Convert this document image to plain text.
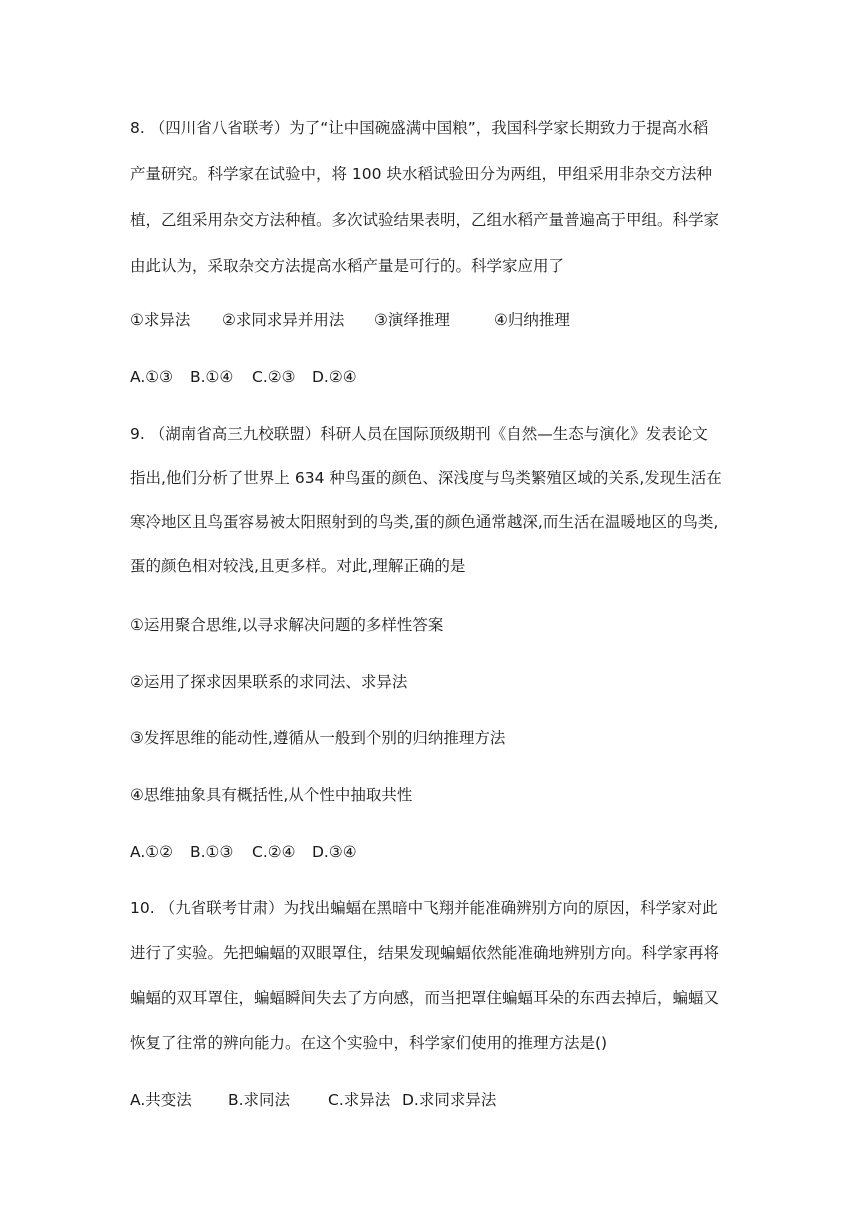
8. （四川省八省联考）为了“让中国碗盛满中国粮”，我国科学家长期致力于提高水稻
产量研究。科学家在试验中，将 100 块水稻试验田分为两组，甲组采用非杂交方法种
植，乙组采用杂交方法种植。多次试验结果表明，乙组水稻产量普遍高于甲组。科学家
由此认为，采取杂交方法提高水稻产量是可行的。科学家应用了
①求异法 ②求同求异并用法 ③演绎推理	④归纳推理
A.①③ B.①④ C.②③ D.②④
9. （湖南省高三九校联盟）科研人员在国际顶级期刊《自然—生态与演化》发表论文
指出,他们分析了世界上 634 种鸟蛋的颜色、深浅度与鸟类繁殖区域的关系,发现生活在
寒冷地区且鸟蛋容易被太阳照射到的鸟类,蛋的颜色通常越深,而生活在温暖地区的鸟类,
蛋的颜色相对较浅,且更多样。对此,理解正确的是
①运用聚合思维,以寻求解决问题的多样性答案
②运用了探求因果联系的求同法、求异法
③发挥思维的能动性,遵循从一般到个别的归纳推理方法
④思维抽象具有概括性,从个性中抽取共性
A.①② B.①③ C.②④ D.③④
10. （九省联考甘肃）为找出蝙蝠在黑暗中飞翔并能准确辨别方向的原因，科学家对此
进行了实验。先把蝙蝠的双眼罩住，结果发现蝙蝠依然能准确地辨别方向。科学家再将
蝙蝠的双耳罩住，蝙蝠瞬间失去了方向感，而当把罩住蝙蝠耳朵的东西去掉后，蝙蝠又
恢复了往常的辨向能力。在这个实验中，科学家们使用的推理方法是()
A.共变法 B.求同法 C.求异法 D.求同求异法
